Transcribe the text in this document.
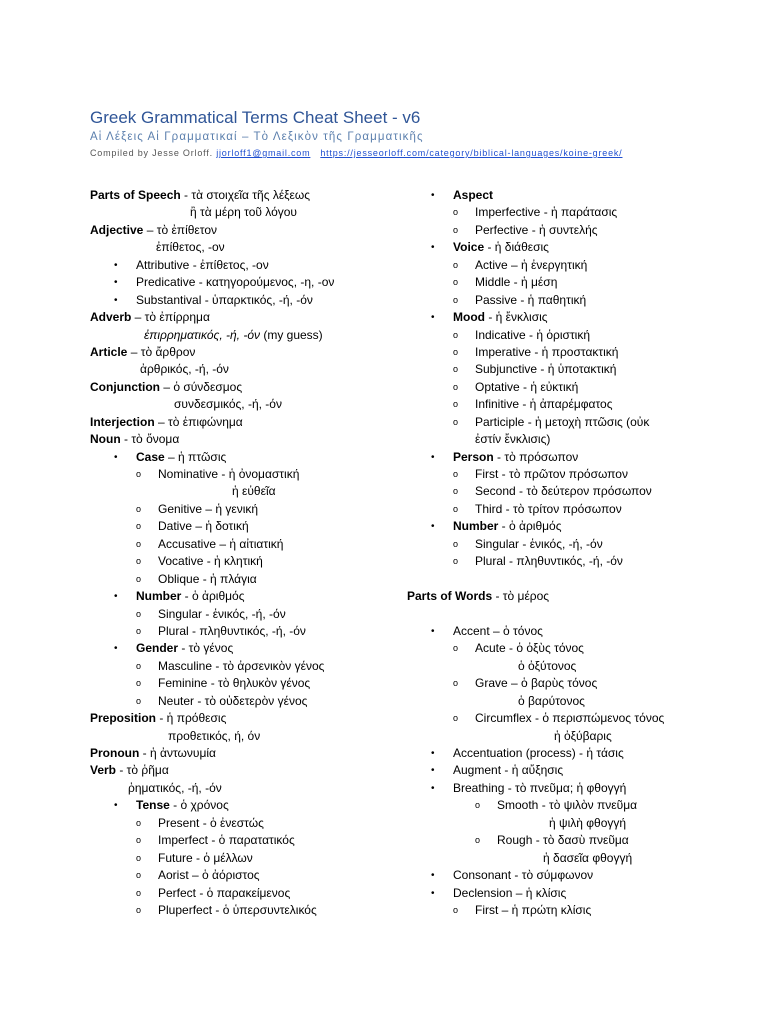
Greek Grammatical Terms Cheat Sheet - v6
Αἱ Λέξεις Αἱ Γραμματικαί – Τὸ Λεξικὸν τῆς Γραμματικῆς
Compiled by Jesse Orloff. jjorloff1@gmail.com https://jesseorloff.com/category/biblical-languages/koine-greek/
Parts of Speech - τὰ στοιχεῖα τῆς λέξεως
ἢ τὰ μέρη τοῦ λόγου
Adjective – τὸ ἐπίθετον
ἐπίθετος, -ον
• Attributive - ἐπίθετος, -ον
• Predicative - κατηγορούμενος, -η, -ον
• Substantival - ὑπαρκτικός, -ή, -όν
Adverb – τὸ ἐπίρρημα
ἐπιρρηματικός, -ή, -όν (my guess)
Article – τὸ ἄρθρον
ἀρθρικός, -ή, -όν
Conjunction – ὁ σύνδεσμος
συνδεσμικός, -ή, -όν
Interjection – τὸ ἐπιφώνημα
Noun - τὸ ὄνομα
• Case – ἡ πτῶσις
o Nominative - ἡ ὀνομαστική
ἡ εὐθεῖα
o Genitive – ἡ γενική
o Dative – ἡ δοτική
o Accusative – ἡ αἰτιατική
o Vocative - ἡ κλητική
o Oblique - ἡ πλάγια
• Number - ὁ ἀριθμός
o Singular - ἑνικός, -ή, -όν
o Plural - πληθυντικός, -ή, -όν
• Gender - τὸ γένος
o Masculine - τὸ ἀρσενικὸν γένος
o Feminine - τὸ θηλυκὸν γένος
o Neuter - τὸ οὐδετερὸν γένος
Preposition - ἡ πρόθεσις
προθετικός, ή, όν
Pronoun - ἡ ἀντωνυμία
Verb - τὸ ῥῆμα
ῥηματικός, -ή, -όν
• Tense - ὁ χρόνος
o Present - ὁ ἐνεστώς
o Imperfect - ὁ παρατατικός
o Future - ὁ μέλλων
o Aorist – ὁ ἀόριστος
o Perfect - ὁ παρακείμενος
o Pluperfect - ὁ ὑπερσυντελικός
• Aspect
o Imperfective - ἡ παράτασις
o Perfective - ἡ συντελής
• Voice - ἡ διάθεσις
o Active – ἡ ἐνεργητική
o Middle - ἡ μέση
o Passive - ἡ παθητική
• Mood - ἡ ἔνκλισις
o Indicative - ἡ ὁριστική
o Imperative - ἡ προστακτική
o Subjunctive - ἡ ὑποτακτική
o Optative - ἡ εὐκτική
o Infinitive - ἡ ἀπαρέμφατος
o Participle - ἡ μετοχὴ πτῶσις (οὐκ
ἐστίν ἔνκλισις)
• Person - τὸ πρόσωπον
o First - τὸ πρῶτον πρόσωπον
o Second - τὸ δεύτερον πρόσωπον
o Third - τὸ τρίτον πρόσωπον
• Number - ὁ ἀριθμός
o Singular - ἑνικός, -ή, -όν
o Plural - πληθυντικός, -ή, -όν
Parts of Words - τὸ μέρος
• Accent – ὁ τόνος
o Acute - ὁ ὀξὺς τόνος
ὁ ὀξύτονος
o Grave – ὁ βαρὺς τόνος
ὁ βαρύτονος
o Circumflex - ὁ περισπώμενος τόνος
ἡ ὀξύβαρις
• Accentuation (process) - ἡ τάσις
• Augment - ἡ αὔξησις
• Breathing - τὸ πνεῦμα; ἡ φθογγή
o Smooth - τὸ ψιλὸν πνεῦμα
ἡ ψιλὴ φθογγή
o Rough - τὸ δασὺ πνεῦμα
ἡ δασεῖα φθογγή
• Consonant - τὸ σύμφωνον
• Declension – ἡ κλίσις
o First – ἡ πρώτη κλίσις
